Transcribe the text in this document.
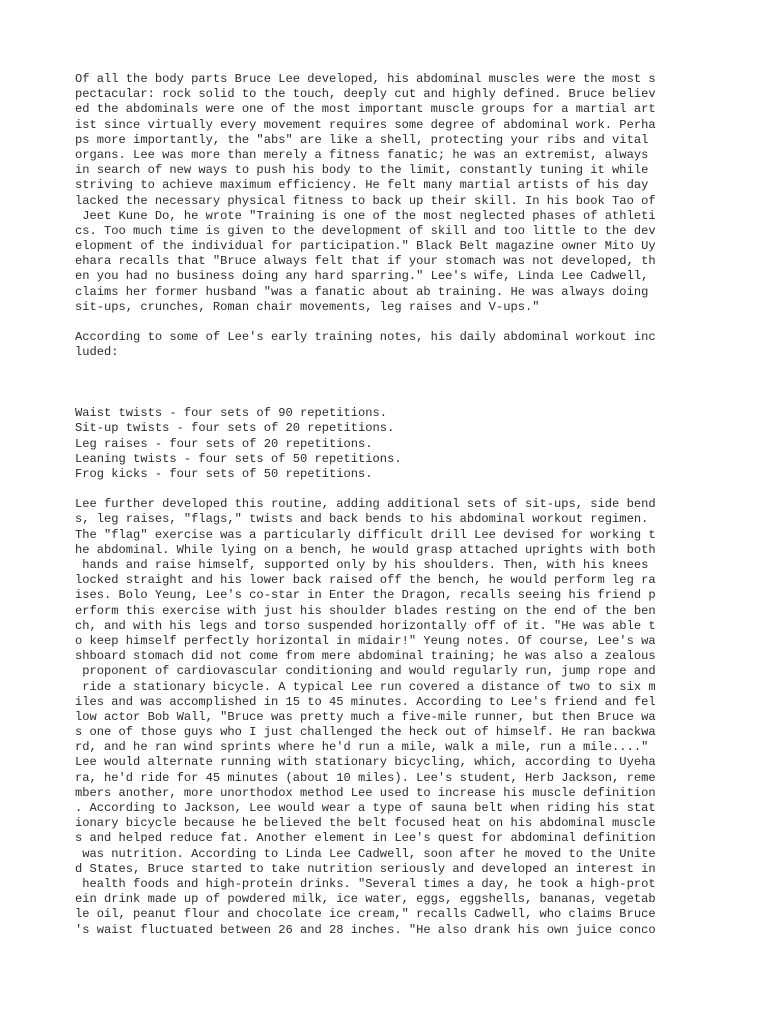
Of all the body parts Bruce Lee developed, his abdominal muscles were the most s
pectacular: rock solid to the touch, deeply cut and highly defined. Bruce believ
ed the abdominals were one of the most important muscle groups for a martial art
ist since virtually every movement requires some degree of abdominal work. Perha
ps more importantly, the "abs" are like a shell, protecting your ribs and vital
organs. Lee was more than merely a fitness fanatic; he was an extremist, always
in search of new ways to push his body to the limit, constantly tuning it while
striving to achieve maximum efficiency. He felt many martial artists of his day
lacked the necessary physical fitness to back up their skill. In his book Tao of
Jeet Kune Do, he wrote "Training is one of the most neglected phases of athleti
cs. Too much time is given to the development of skill and too little to the dev
elopment of the individual for participation." Black Belt magazine owner Mito Uy
ehara recalls that "Bruce always felt that if your stomach was not developed, th
en you had no business doing any hard sparring." Lee's wife, Linda Lee Cadwell,
claims her former husband "was a fanatic about ab training. He was always doing
sit-ups, crunches, Roman chair movements, leg raises and V-ups."
According to some of Lee's early training notes, his daily abdominal workout inc
luded:
Waist twists - four sets of 90 repetitions.
Sit-up twists - four sets of 20 repetitions.
Leg raises - four sets of 20 repetitions.
Leaning twists - four sets of 50 repetitions.
Frog kicks - four sets of 50 repetitions.
Lee further developed this routine, adding additional sets of sit-ups, side bend
s, leg raises, "flags," twists and back bends to his abdominal workout regimen.
The "flag" exercise was a particularly difficult drill Lee devised for working t
he abdominal. While lying on a bench, he would grasp attached uprights with both
hands and raise himself, supported only by his shoulders. Then, with his knees
locked straight and his lower back raised off the bench, he would perform leg ra
ises. Bolo Yeung, Lee's co-star in Enter the Dragon, recalls seeing his friend p
erform this exercise with just his shoulder blades resting on the end of the ben
ch, and with his legs and torso suspended horizontally off of it. "He was able t
o keep himself perfectly horizontal in midair!" Yeung notes. Of course, Lee's wa
shboard stomach did not come from mere abdominal training; he was also a zealous
proponent of cardiovascular conditioning and would regularly run, jump rope and
ride a stationary bicycle. A typical Lee run covered a distance of two to six m
iles and was accomplished in 15 to 45 minutes. According to Lee's friend and fel
low actor Bob Wall, "Bruce was pretty much a five-mile runner, but then Bruce wa
s one of those guys who I just challenged the heck out of himself. He ran backwa
rd, and he ran wind sprints where he'd run a mile, walk a mile, run a mile...."
Lee would alternate running with stationary bicycling, which, according to Uyeha
ra, he'd ride for 45 minutes (about 10 miles). Lee's student, Herb Jackson, reme
mbers another, more unorthodox method Lee used to increase his muscle definition
. According to Jackson, Lee would wear a type of sauna belt when riding his stat
ionary bicycle because he believed the belt focused heat on his abdominal muscle
s and helped reduce fat. Another element in Lee's quest for abdominal definition
was nutrition. According to Linda Lee Cadwell, soon after he moved to the Unite
d States, Bruce started to take nutrition seriously and developed an interest in
health foods and high-protein drinks. "Several times a day, he took a high-prot
ein drink made up of powdered milk, ice water, eggs, eggshells, bananas, vegetab
le oil, peanut flour and chocolate ice cream," recalls Cadwell, who claims Bruce
's waist fluctuated between 26 and 28 inches. "He also drank his own juice conco
